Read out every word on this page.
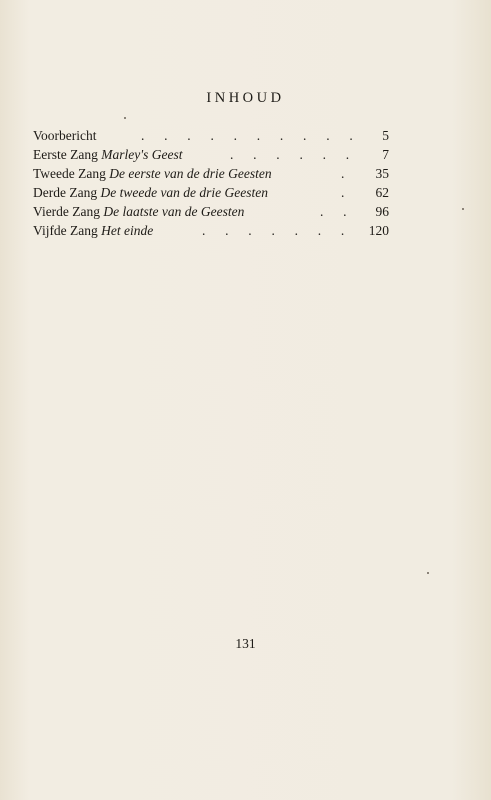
INHOUD
Voorbericht	. . . . . . . . . . 5
Eerste Zang Marley's Geest	. . . . . . 7
Tweede Zang De eerste van de drie Geesten	. 35
Derde Zang De tweede van de drie Geesten	. 62
Vierde Zang De laatste van de Geesten	. . 96
Vijfde Zang Het einde	. . . . . . . 120
131
